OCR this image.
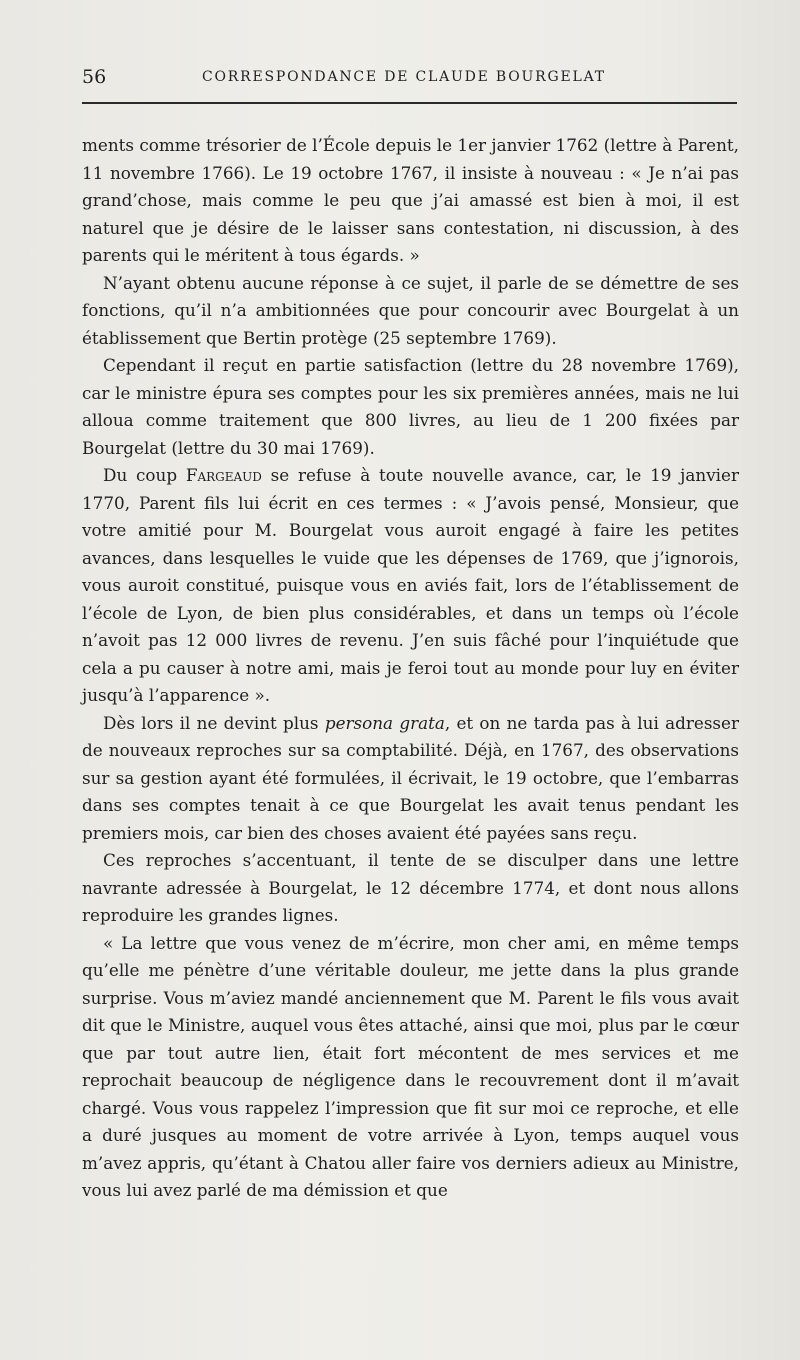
56	CORRESPONDANCE DE CLAUDE BOURGELAT

ments comme trésorier de l’École depuis le 1er janvier 1762 (lettre à Parent, 11 novembre 1766). Le 19 octobre 1767, il insiste à nouveau : « Je n’ai pas grand’chose, mais comme le peu que j’ai amassé est bien à moi, il est naturel que je désire de le laisser sans contestation, ni discussion, à des parents qui le méritent à tous égards. »

N’ayant obtenu aucune réponse à ce sujet, il parle de se démettre de ses fonctions, qu’il n’a ambitionnées que pour concourir avec Bourgelat à un établissement que Bertin protège (25 septembre 1769).

Cependant il reçut en partie satisfaction (lettre du 28 novembre 1769), car le ministre épura ses comptes pour les six premières années, mais ne lui alloua comme traitement que 800 livres, au lieu de 1 200 fixées par Bourgelat (lettre du 30 mai 1769).

Du coup Fargeaud se refuse à toute nouvelle avance, car, le 19 janvier 1770, Parent fils lui écrit en ces termes : « J’avois pensé, Monsieur, que votre amitié pour M. Bourgelat vous auroit engagé à faire les petites avances, dans lesquelles le vuide que les dépenses de 1769, que j’ignorois, vous auroit constitué, puisque vous en aviés fait, lors de l’établissement de l’école de Lyon, de bien plus considérables, et dans un temps où l’école n’avoit pas 12 000 livres de revenu. J’en suis fâché pour l’inquiétude que cela a pu causer à notre ami, mais je feroi tout au monde pour luy en éviter jusqu’à l’apparence ».

Dès lors il ne devint plus persona grata, et on ne tarda pas à lui adresser de nouveaux reproches sur sa comptabilité. Déjà, en 1767, des observations sur sa gestion ayant été formulées, il écrivait, le 19 octobre, que l’embarras dans ses comptes tenait à ce que Bourgelat les avait tenus pendant les premiers mois, car bien des choses avaient été payées sans reçu.

Ces reproches s’accentuant, il tente de se disculper dans une lettre navrante adressée à Bourgelat, le 12 décembre 1774, et dont nous allons reproduire les grandes lignes.

« La lettre que vous venez de m’écrire, mon cher ami, en même temps qu’elle me pénètre d’une véritable douleur, me jette dans la plus grande surprise. Vous m’aviez mandé anciennement que M. Parent le fils vous avait dit que le Ministre, auquel vous êtes attaché, ainsi que moi, plus par le cœur que par tout autre lien, était fort mécontent de mes services et me reprochait beaucoup de négligence dans le recouvrement dont il m’avait chargé. Vous vous rappelez l’impression que fit sur moi ce reproche, et elle a duré jusques au moment de votre arrivée à Lyon, temps auquel vous m’avez appris, qu’étant à Chatou aller faire vos derniers adieux au Ministre, vous lui avez parlé de ma démission et que
